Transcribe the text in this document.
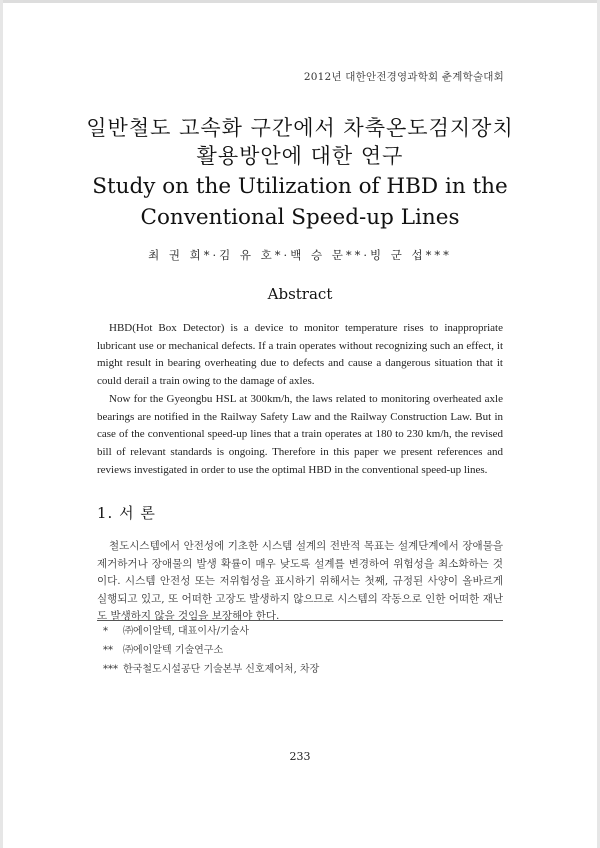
2012년 대한안전경영과학회 춘계학술대회
일반철도 고속화 구간에서 차축온도검지장치
활용방안에 대한 연구
Study on the Utilization of HBD in the
Conventional Speed-up Lines
최 권 희*·김 유 호*·백 승 문**·빙 군 섭***
Abstract

HBD(Hot Box Detector) is a device to monitor temperature rises to inappropriate lubricant use or mechanical defects. If a train operates without recognizing such an effect, it might result in bearing overheating due to defects and cause a dangerous situation that it could derail a train owing to the damage of axles.

Now for the Gyeongbu HSL at 300km/h, the laws related to monitoring overheated axle bearings are notified in the Railway Safety Law and the Railway Construction Law. But in case of the conventional speed-up lines that a train operates at 180 to 230 km/h, the revised bill of relevant standards is ongoing. Therefore in this paper we present references and reviews investigated in order to use the optimal HBD in the conventional speed-up lines.

1. 서 론

철도시스템에서 안전성에 기초한 시스템 설계의 전반적 목표는 설계단계에서 장애물을 제거하거나 장애물의 발생 확률이 매우 낮도록 설계를 변경하여 위험성을 최소화하는 것이다. 시스템 안전성 또는 저위험성을 표시하기 위해서는 첫째, 규정된 사양이 올바르게 실행되고 있고, 또 어떠한 고장도 발생하지 않으므로 시스템의 작동으로 인한 어떠한 재난도 발생하지 않을 것임을 보장해야 한다.

*	㈜에이알텍, 대표이사/기술사
**	㈜에이알텍 기술연구소
*** 한국철도시설공단 기술본부 신호제어처, 차장
233
